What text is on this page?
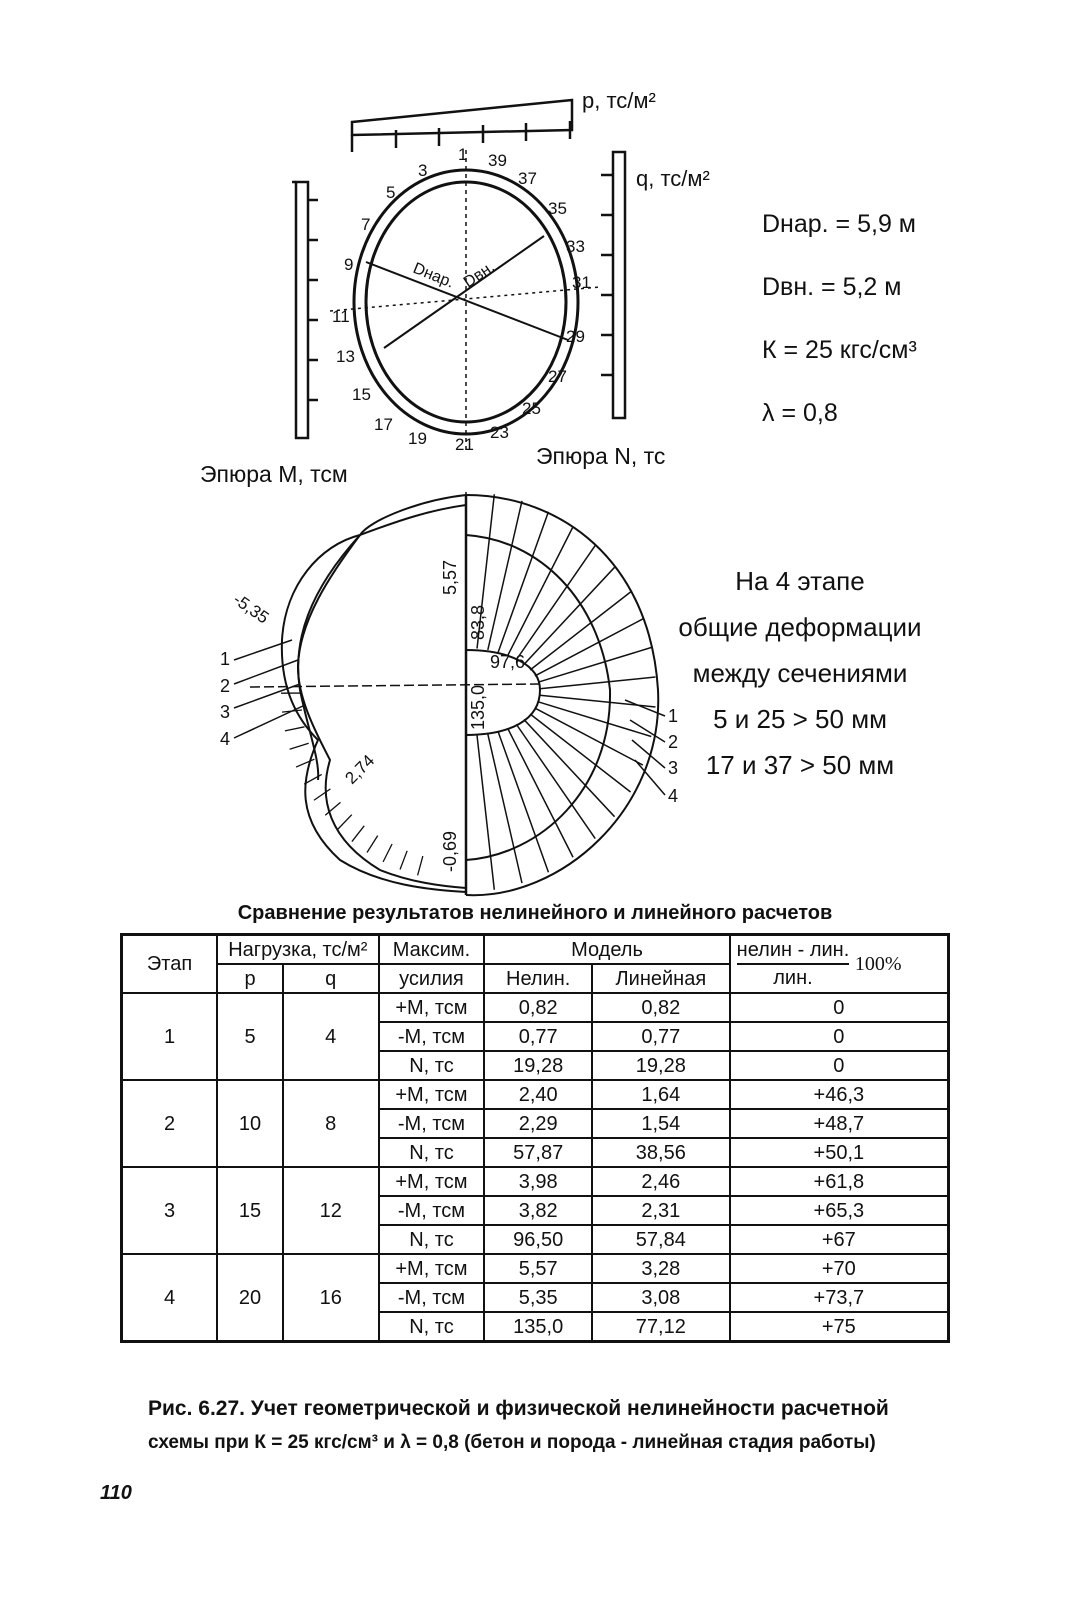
p, тс/м²
q, тс/м²
1
3
5
7
9
11
13
15
17
19 21
23
25
27
29
31
33
35
37
39
Dнар. Dвн.
Эпюра М, тсм
Эпюра N, тс
Dнар. = 5,9 м
Dвн. = 5,2 м
К = 25 кгс/см³
λ = 0,8
1
2
3
4
1
2
3
4
-5,35
2,74
5,57
83,8
97,6
135,0
-0,69
На 4 этапе
общие деформации
между сечениями
5 и 25 > 50 мм
17 и 37 > 50 мм
Сравнение результатов нелинейного и линейного расчетов
Этап	Нагрузка, тс/м²		Максим.	Модель		нелин - лин.
лин.
100%
	р	q	усилия	Нелин.	Линейная	
1	5	4	+М, тсм	0,82	0,82	0
			-М, тсм	0,77	0,77	0
			N, тс	19,28	19,28	0
2	10	8	+М, тсм	2,40	1,64	+46,3
			-М, тсм	2,29	1,54	+48,7
			N, тс	57,87	38,56	+50,1
3	15	12	+М, тсм	3,98	2,46	+61,8
			-М, тсм	3,82	2,31	+65,3
			N, тс	96,50	57,84	+67
4	20	16	+М, тсм	5,57	3,28	+70
			-М, тсм	5,35	3,08	+73,7
			N, тс	135,0	77,12	+75
Рис. 6.27. Учет геометрической и физической нелинейности расчетной
схемы при К = 25 кгс/см³ и λ = 0,8 (бетон и порода - линейная стадия работы)
110
